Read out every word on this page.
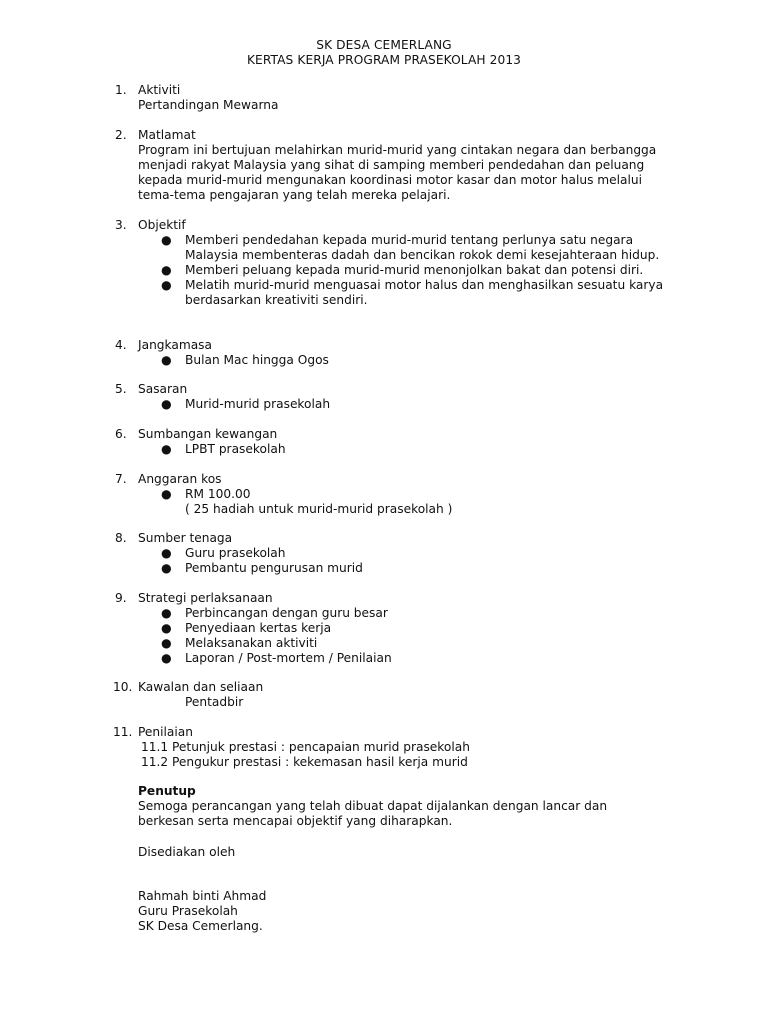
SK DESA CEMERLANG
KERTAS KERJA PROGRAM PRASEKOLAH 2013
1. Aktiviti
Pertandingan Mewarna
2. Matlamat
Program ini bertujuan melahirkan murid-murid yang cintakan negara dan berbangga
menjadi rakyat Malaysia yang sihat di samping memberi pendedahan dan peluang
kepada murid-murid mengunakan koordinasi motor kasar dan motor halus melalui
tema-tema pengajaran yang telah mereka pelajari.
3. Objektif
● Memberi pendedahan kepada murid-murid tentang perlunya satu negara Malaysia membenteras dadah dan bencikan rokok demi kesejahteraan hidup.
● Memberi peluang kepada murid-murid menonjolkan bakat dan potensi diri.
● Melatih murid-murid menguasai motor halus dan menghasilkan sesuatu karya berdasarkan kreativiti sendiri.
4. Jangkamasa
● Bulan Mac hingga Ogos
5. Sasaran
● Murid-murid prasekolah
6. Sumbangan kewangan
● LPBT prasekolah
7. Anggaran kos
● RM 100.00
( 25 hadiah untuk murid-murid prasekolah )
8. Sumber tenaga
● Guru prasekolah
● Pembantu pengurusan murid
9. Strategi perlaksanaan
● Perbincangan dengan guru besar
● Penyediaan kertas kerja
● Melaksanakan aktiviti
● Laporan / Post-mortem / Penilaian
10. Kawalan dan seliaan
Pentadbir
11. Penilaian
11.1 Petunjuk prestasi : pencapaian murid prasekolah
11.2 Pengukur prestasi : kekemasan hasil kerja murid
Penutup
Semoga perancangan yang telah dibuat dapat dijalankan dengan lancar dan
berkesan serta mencapai objektif yang diharapkan.
Disediakan oleh
Rahmah binti Ahmad
Guru Prasekolah
SK Desa Cemerlang.
